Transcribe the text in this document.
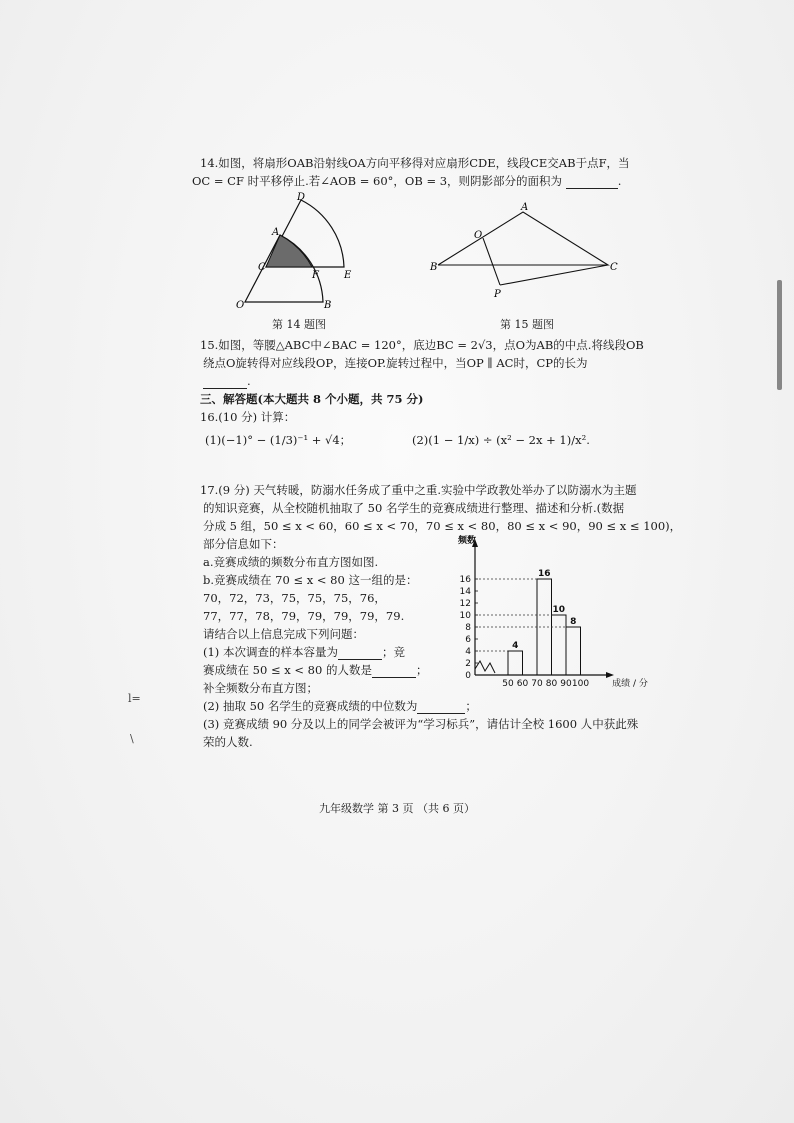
14.如图，将扇形OAB沿射线OA方向平移得对应扇形CDE，线段CE交AB于点F，当
OC = CF 时平移停止.若∠AOB = 60°，OB = 3，则阴影部分的面积为	.
D
A
C
F	E
O	B
第 14 题图
A
O
B	C
P
第 15 题图
15.如图，等腰△ABC中∠BAC = 120°，底边BC = 2√3，点O为AB的中点.将线段OB
绕点O旋转得对应线段OP，连接OP.旋转过程中，当OP ∥ AC时，CP的长为
.
三、解答题(本大题共 8 个小题，共 75 分)
16.(10 分) 计算：
(1)(−1)° − (1/3)⁻¹ + √4；	(2)(1 − 1/x) ÷ (x² − 2x + 1)/x².
17.(9 分) 天气转暖，防溺水任务成了重中之重.实验中学政教处举办了以防溺水为主题
的知识竞赛，从全校随机抽取了 50 名学生的竞赛成绩进行整理、描述和分析.(数据
分成 5 组，50 ≤ x < 60，60 ≤ x < 70，70 ≤ x < 80，80 ≤ x < 90，90 ≤ x ≤ 100)，
部分信息如下：
a.竞赛成绩的频数分布直方图如图.
b.竞赛成绩在 70 ≤ x < 80 这一组的是：
70，72，73，75，75，75，76，
77，77，78，79，79，79，79，79.
请结合以上信息完成下列问题：
(1) 本次调查的样本容量为	；竞
赛成绩在 50 ≤ x < 80 的人数是	；
补全频数分布直方图；
(2) 抽取 50 名学生的竞赛成绩的中位数为	；
(3) 竞赛成绩 90 分及以上的同学会被评为“学习标兵”，请估计全校 1600 人中获此殊
荣的人数.
0
2
4
6
8
10
12
14
16
频数
50 60 70 80 90 100	成绩 / 分
4
16
10
8
l=
\
九年级数学 第 3 页 （共 6 页）
